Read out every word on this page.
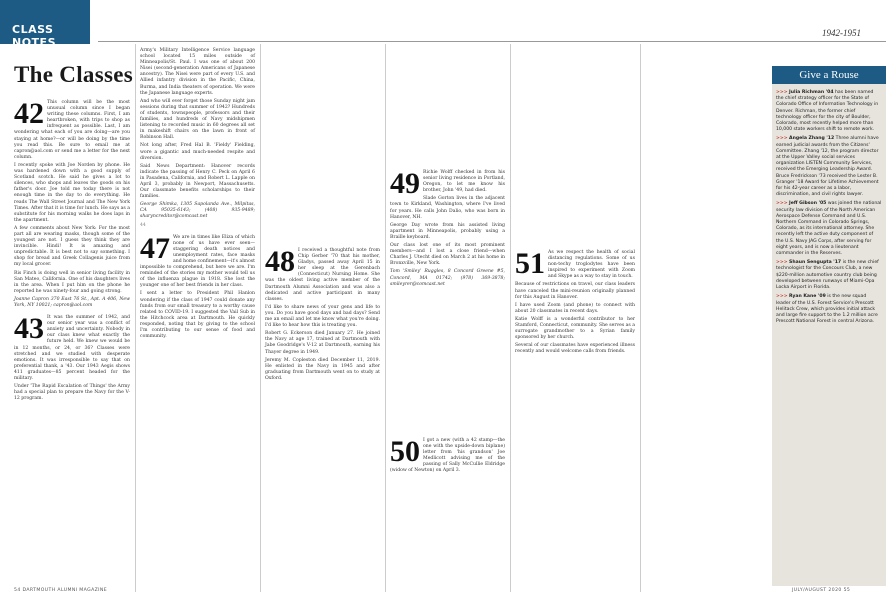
CLASS NOTES
1942-1951
The Classes
42 This column will be the most unusual column since I began writing these columns. First, I am heartbroken, with trips to shop as infrequent as possible. Last, I am wondering what each of you are doing—are you staying at home?—or will be doing by the time you read this. Be sure to email me at capron@aol.com or send me a letter for the next column.

I recently spoke with Joe Norden by phone. He was hardened down with a good supply of Scotland scotch. He said he gives a lot to silences, who shops and leaves the goods on his father's door. Joe told me today there is not enough time in the day to do everything. He reads The Wall Street Journal and The New York Times. After that it is time for lunch. He says as a substitute for his morning walks he does laps in the apartment.

A few comments about New York: For the most part all are wearing masks, though some of the youngest are not. I guess they think they are invincible. Hindi! It is amazing and unpredictable. It is best not to say something. I shop for bread and Greek Collagenis juice from my local grocer.

Ris Finch is doing well in senior living facility in San Mateo, California. One of his daughters lives in the area. When I put him on the phone he reported he was ninety-four and going strong.

Joanne Capron 370 East 76 St., Apt. A 406, New York, NY 10021; capron@aol.com

43 It was the summer of 1942, and our senior year was a conflict of anxiety and uncertainty. Nobody in our class knew what exactly the future held. We knew we would be in 12 months, or 24, or 36? Classes were stretched and we studied with desperate emotions. It was irresponsible to say that on preferential thank, a '43. Our 1943 Aegis shows 411 graduates—85 percent headed for the military.

Under 'The Rapid Escalation of Things' the Army had a special plan to prepare the Navy for the V-12 program.

Army's Military Intelligence Service language school located 15 miles outside of Minneapolis/St. Paul. I was one of about 200 Nisei (second-generation Americans of Japanese ancestry). The Nisei were part of every U.S. and Allied infantry division in the Pacific, China, Burma, and India theaters of operation. We were the Japanese language experts.

And who will ever forget those Sunday night jam sessions during that summer of 1942? Hundreds of students, townspeople, professors and their families, and hundreds of Navy midshipmen listening to recorded music in 60 degrees all set in makeshift chairs on the lawn in front of Robinson Hall.

Not long after, Fred Hal B. 'Fieldy' Fielding, wore a gigantic and much-needed respite and diversion.

Said News Department: Hanover records indicate the passing of Henry C. Peck on April 6 in Pasadena, California, and Robert L. Lapple on April 3, probably in Newport, Massachusetts. Our classmate benefits scholarships to their families.

George Shimka, 1305 Sapolanda Ave., Milpitas, CA 95035-6143; (408) 935-9489; sharyncreditor@comcast.net

44
47 We are in times like Eliza of which none of us have ever seen—staggering death notices and unemployment rates, face masks and home confinement—it's almost impossible to comprehend, but here we are. I'm reminded of the stories my mother would tell us of the influenza plague in 1918. She lost the younger one of her best friends in her class.

I sent a letter to President Phil Hanlon wondering if the class of 1947 could donate any funds from our small treasury to a worthy cause related to COVID-19. I suggested the Vail Sub in the Hitchcock area at Dartmouth. He quickly responded, noting that by giving to the school I'm contributing to our sense of food and community.

48 I received a thoughtful note from Chip Gerber '70 that his mother, Gladys, passed away April 15 in her sleep at the Gerenbach (Connecticut) Nursing Home. She was the oldest living active member of the Dartmouth Alumni Association and was also a dedicated and active participant in many classes.

I'd like to share news of your gens and life to you. Do you have good days and bad days? Send me an email and let me know what you're doing. I'd like to hear how this is treating you.

Robert G. Eckerson died January 27. He joined the Navy at age 17, trained at Dartmouth with Jabe Goodridge's V-12 at Dartmouth, earning his Thayer degree in 1949.

Jeremy M. Copleston died December 11, 2019. He enlisted in the Navy in 1945 and after graduating from Dartmouth went on to study at Oxford.

49 Richie Wolff checked in from his senior living residence in Portland, Oregon, to let me know his brother, John '49, had died.

Slade Gorton lives in the adjacent town to Kirkland, Washington, where I've lived for years. He calls John Dalio, who was born in Hanover, NH.

George Day wrote from his assisted living apartment in Minneapolis, probably using a Braille keyboard.

Our class lost one of its most prominent members—and I lost a close friend—when Charles J. Utecht died on March 2 at his home in Bronxville, New York.

Tom 'Smiley' Ruggles, 8 Concord Greene #5, Concord, MA 01742; (978) 369-3878; smileyrer@comcast.net

50 I got a new (with a 42 stamp—the one with the upside-down biplane) letter from 'his grandson' Joe Medlicott advising me of the passing of Sally McCullie Eldridge (widow of Newton) on April 3.

51 As we respect the health of social distancing regulations. Some of us non-techy troglodytes have been inspired to experiment with Zoom and Skype as a way to stay in touch.

Because of restrictions on travel, our class leaders have canceled the mini-reunion originally planned for this August in Hanover.

I have used Zoom (and phone) to connect with about 20 classmates in recent days.

Katie Wolff is a wonderful contributor to her Stamford, Connecticut, community. She serves as a surrogate grandmother to a Syrian family sponsored by her church.

Several of our classmates have experienced illness recently and would welcome calls from friends.

Give a Rouse

>>> Julia Richman '04 has been named the chief strategy officer for the State of Colorado Office of Information Technology in Denver. Richman, the former chief technology officer for the city of Boulder, Colorado, most recently helped more than 10,000 state workers shift to remote work.

>>> Angela Zhang '12 Three alumni have earned judicial awards from the Citizens' Committee. Zhang '12, the program director at the Upper Valley social services organization LISTEN Community Services, received the Emerging Leadership Award. Bruce Fredrickson '73 received the Lester B. Granger '18 Award for Lifetime Achievement for his 42-year career as a labor, discrimination, and civil rights lawyer.

>>> Jeff Gibson '05 was joined the national security law division of the North American Aerospace Defense Command and U.S. Northern Command in Colorado Springs, Colorado, as its international attorney. She recently left the active duty component of the U.S. Navy JAG Corps, after serving for eight years, and is now a lieutenant commander in the Reserves.

>>> Shaun Sengupta '17 is the new chief technologist for the Concours Club, a new $220-million automotive country club being developed between runways of Miami-Opa Locka Airport in Florida.

>>> Ryan Kane '09 is the new squad leader of the U.S. Forest Service's Prescott Helitack Crew, which provides initial attack and large fire support to the 1.2 million acre Prescott National Forest in central Arizona.

54 DARTMOUTH ALUMNI MAGAZINE	JULY/AUGUST 2020 55
